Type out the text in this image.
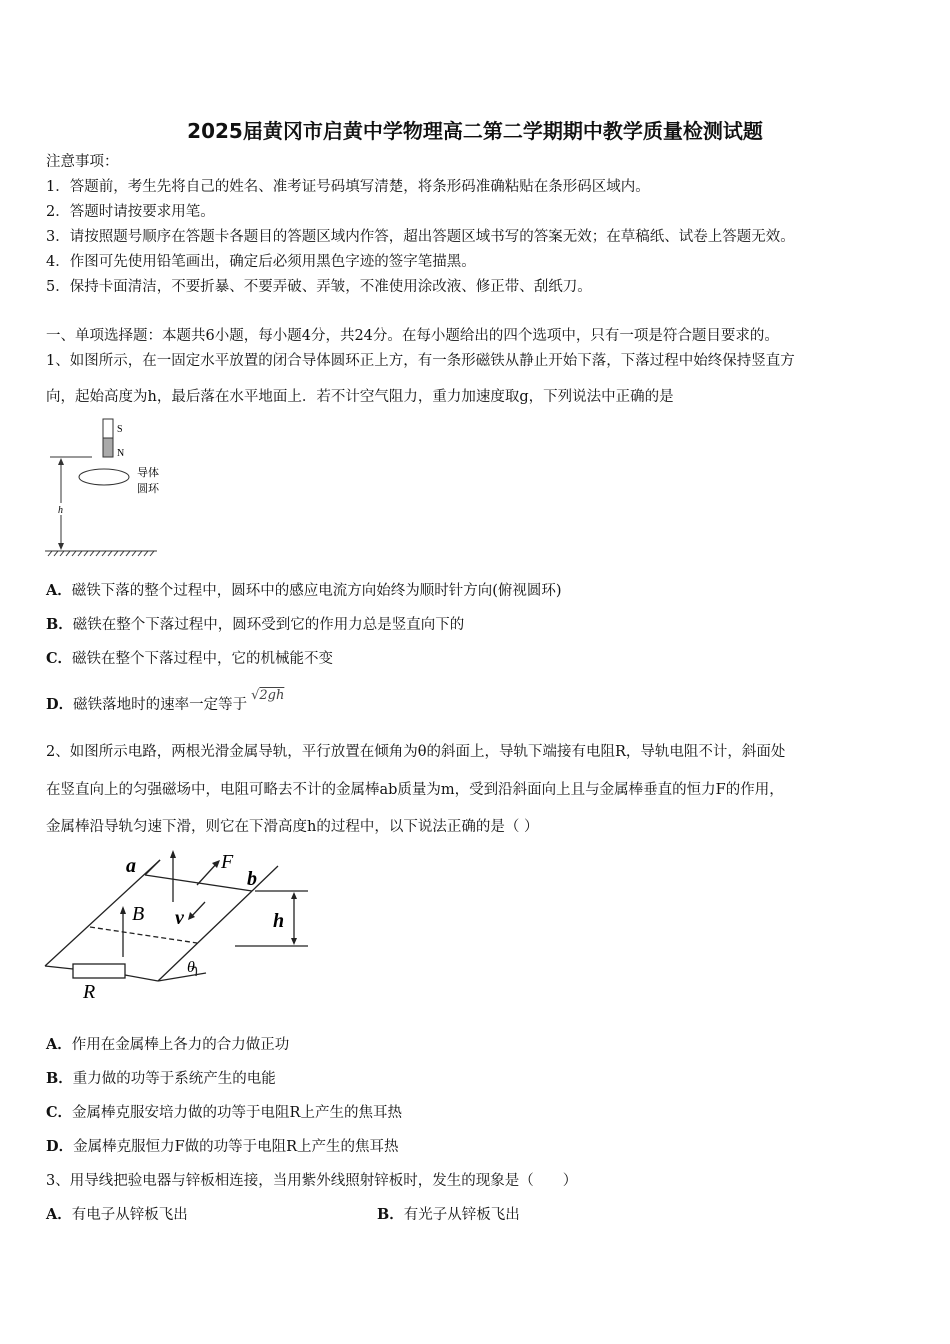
2025届黄冈市启黄中学物理高二第二学期期中教学质量检测试题
注意事项：
1．答题前，考生先将自己的姓名、准考证号码填写清楚，将条形码准确粘贴在条形码区域内。
2．答题时请按要求用笔。
3．请按照题号顺序在答题卡各题目的答题区域内作答，超出答题区域书写的答案无效；在草稿纸、试卷上答题无效。
4．作图可先使用铅笔画出，确定后必须用黑色字迹的签字笔描黑。
5．保持卡面清洁，不要折暴、不要弄破、弄皱，不准使用涂改液、修正带、刮纸刀。
一、单项选择题：本题共6小题，每小题4分，共24分。在每小题给出的四个选项中，只有一项是符合题目要求的。
1、如图所示，在一固定水平放置的闭合导体圆环正上方，有一条形磁铁从静止开始下落，下落过程中始终保持竖直方
向，起始高度为h，最后落在水平地面上．若不计空气阻力，重力加速度取g，下列说法中正确的是
S
N
导体
圆环
h
A．磁铁下落的整个过程中，圆环中的感应电流方向始终为顺时针方向(俯视圆环)
B．磁铁在整个下落过程中，圆环受到它的作用力总是竖直向下的
C．磁铁在整个下落过程中，它的机械能不变
D．磁铁落地时的速率一定等于√2gh
2、如图所示电路，两根光滑金属导轨，平行放置在倾角为θ的斜面上，导轨下端接有电阻R，导轨电阻不计，斜面处
在竖直向上的匀强磁场中，电阻可略去不计的金属棒ab质量为m，受到沿斜面向上且与金属棒垂直的恒力F的作用，
金属棒沿导轨匀速下滑，则它在下滑高度h的过程中，以下说法正确的是（ ）
a
b
F
B v	h
θ
R
A．作用在金属棒上各力的合力做正功
B．重力做的功等于系统产生的电能
C．金属棒克服安培力做的功等于电阻R上产生的焦耳热
D．金属棒克服恒力F做的功等于电阻R上产生的焦耳热
3、用导线把验电器与锌板相连接，当用紫外线照射锌板时，发生的现象是（　　）
A．有电子从锌板飞出	B．有光子从锌板飞出
